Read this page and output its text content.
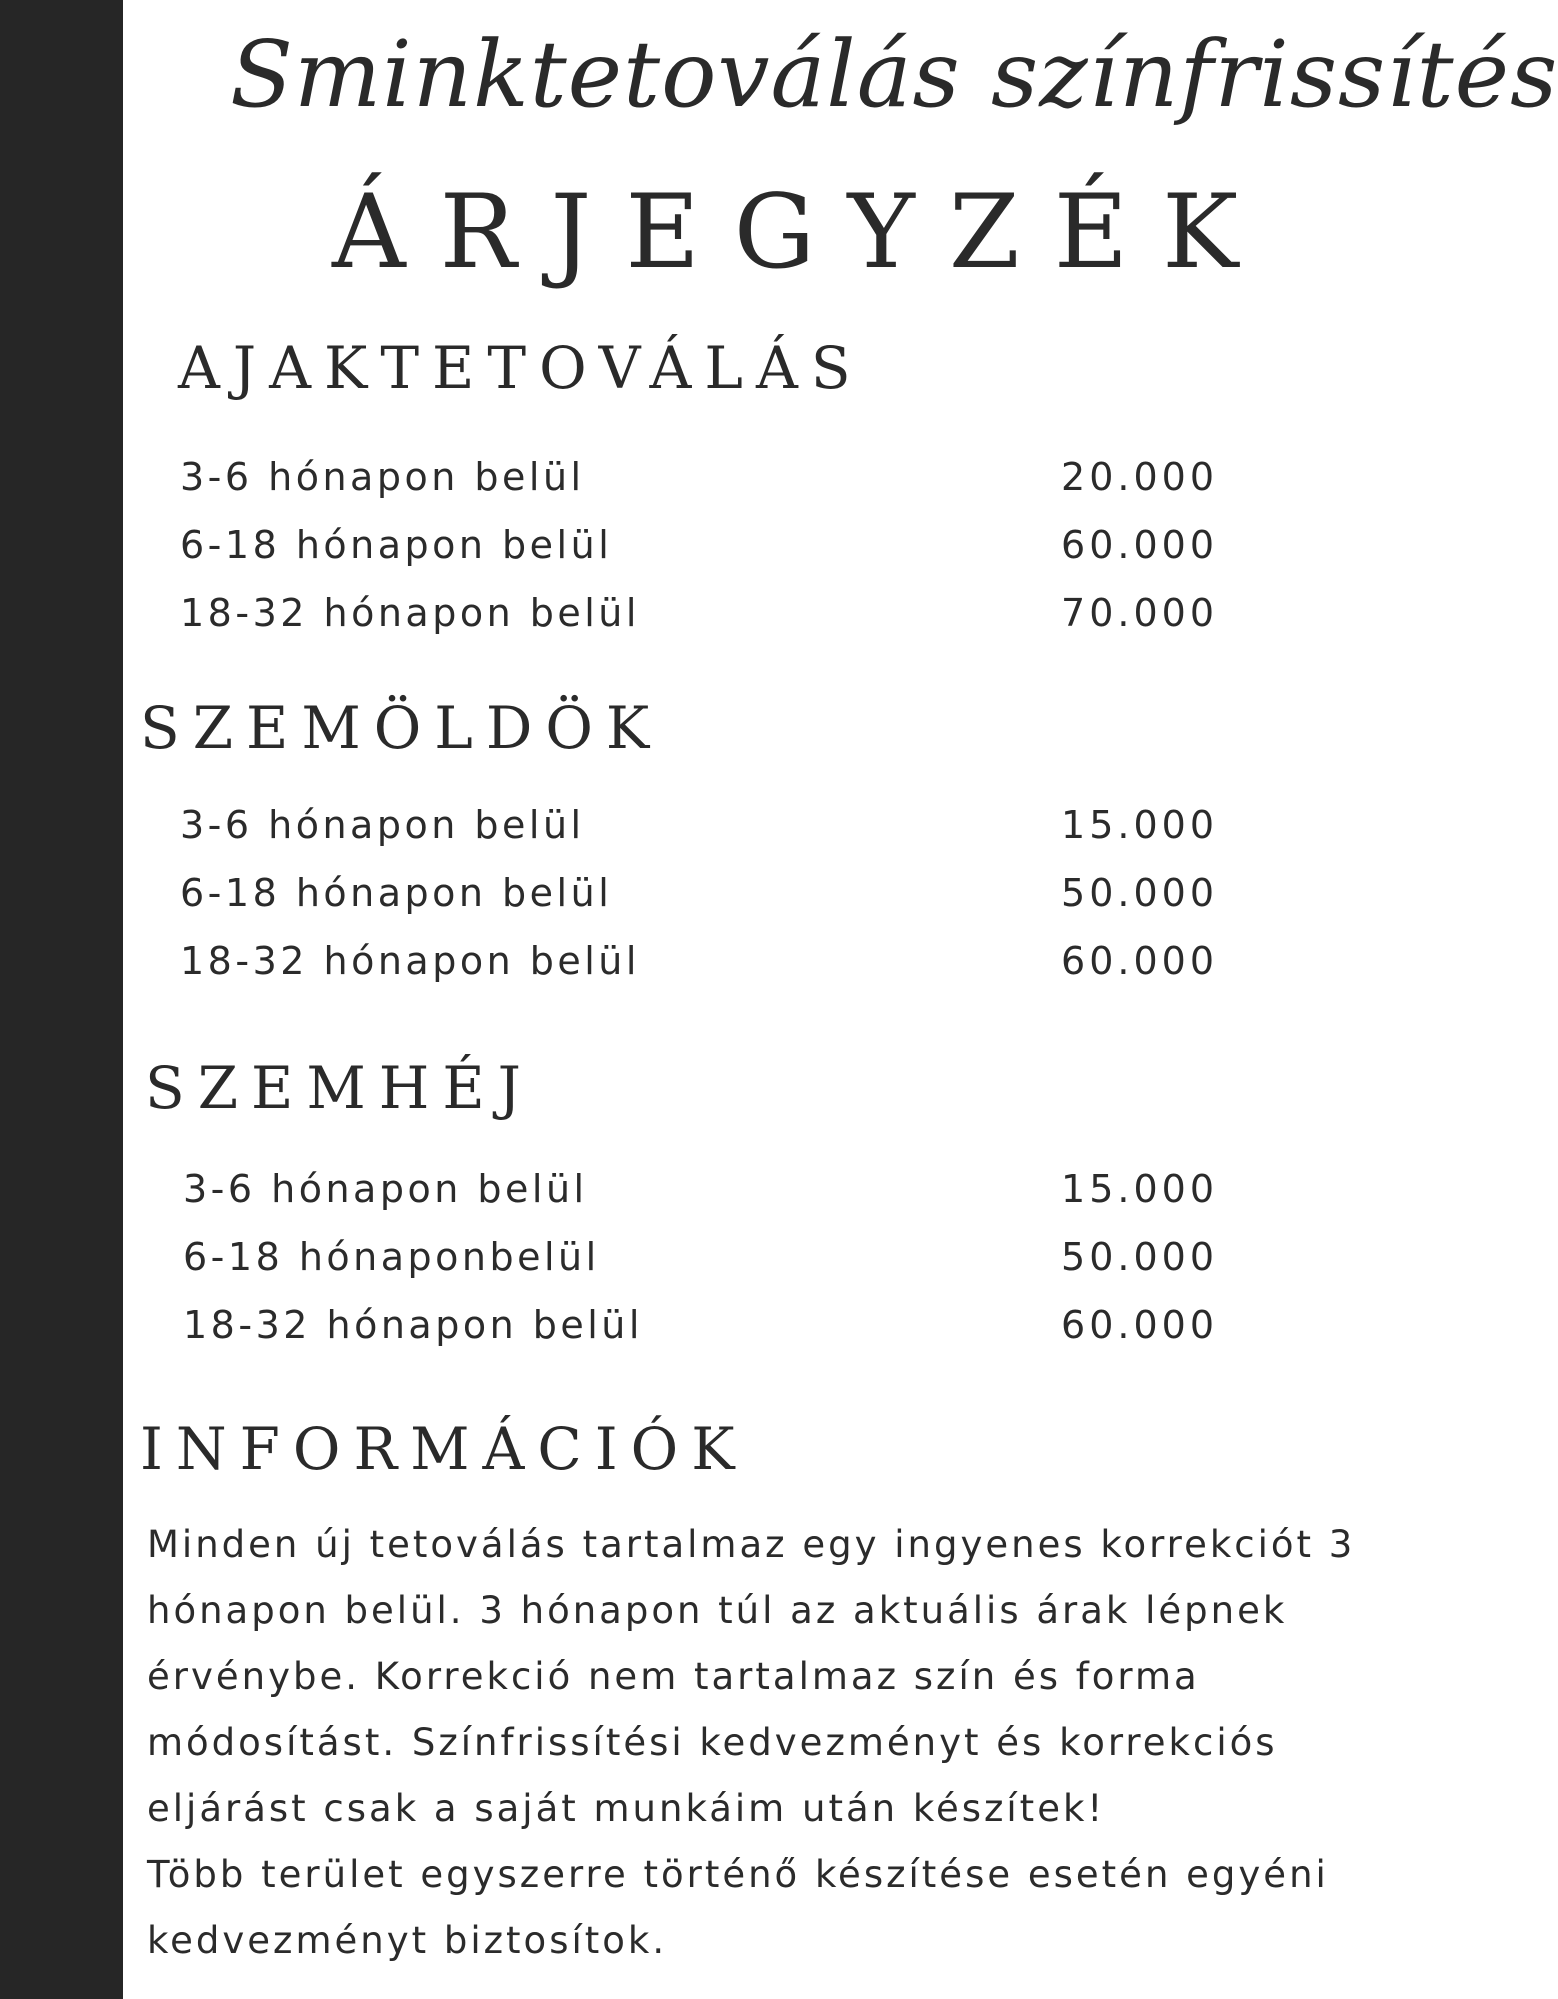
Sminktetoválás színfrissítés
ÁRJEGYZÉK
AJAKTETOVÁLÁS
3-6 hónapon belül	20.000
6-18 hónapon belül	60.000
18-32 hónapon belül	70.000
SZEMÖLDÖK
3-6 hónapon belül	15.000
6-18 hónapon belül	50.000
18-32 hónapon belül	60.000
SZEMHÉJ
3-6 hónapon belül	15.000
6-18 hónaponbelül	50.000
18-32 hónapon belül	60.000
INFORMÁCIÓK

Minden új tetoválás tartalmaz egy ingyenes korrekciót 3 hónapon belül. 3 hónapon túl az aktuális árak lépnek érvénybe. Korrekció nem tartalmaz szín és forma módosítást. Színfrissítési kedvezményt és korrekciós eljárást csak a saját munkáim után készítek!

Több terület egyszerre történő készítése esetén egyéni kedvezményt biztosítok.
